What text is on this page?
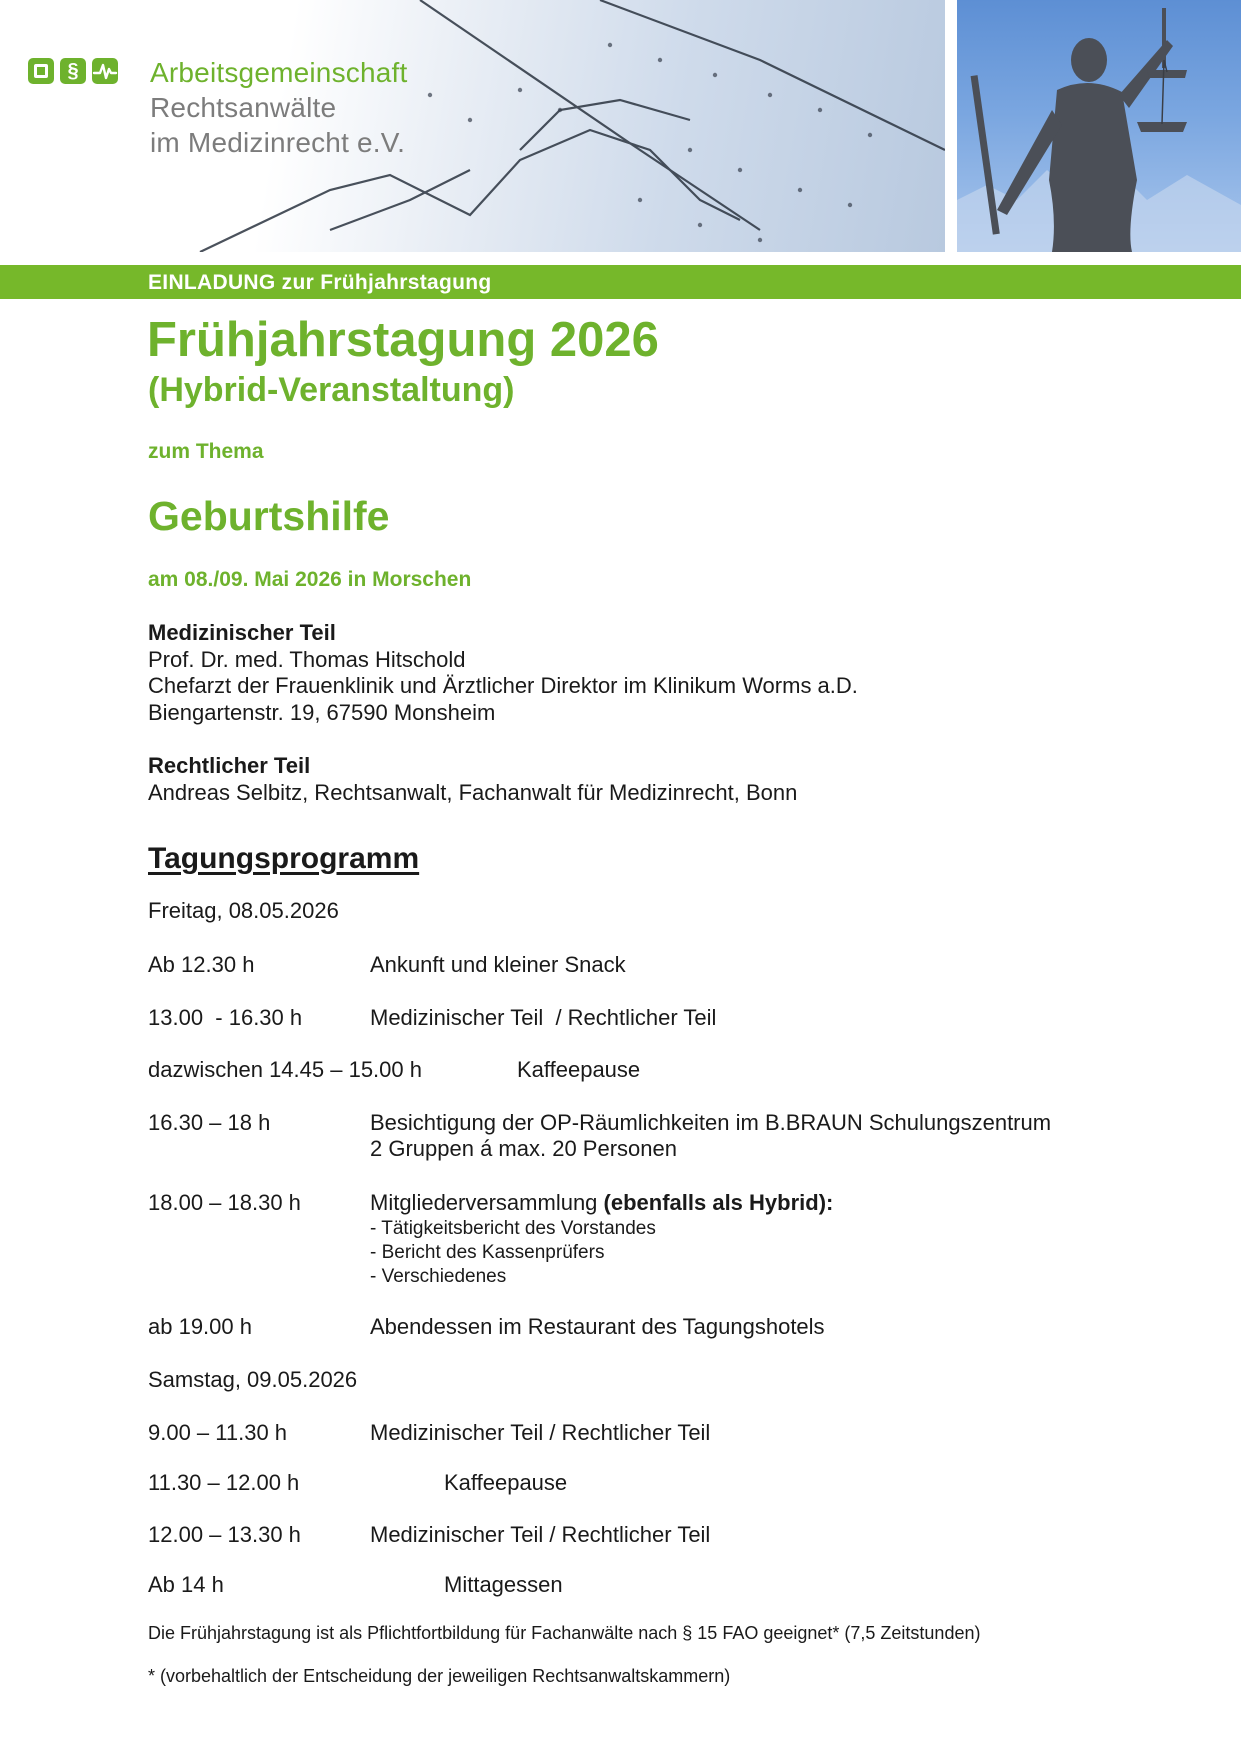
§	Arbeitsgemeinschaft
Rechtsanwälte
im Medizinrecht e.V.
EINLADUNG zur Frühjahrstagung
Frühjahrstagung 2026
(Hybrid-Veranstaltung)
zum Thema
Geburtshilfe
am 08./09. Mai 2026 in Morschen
Medizinischer Teil
Prof. Dr. med. Thomas Hitschold
Chefarzt der Frauenklinik und Ärztlicher Direktor im Klinikum Worms a.D.
Biengartenstr. 19, 67590 Monsheim
Rechtlicher Teil
Andreas Selbitz, Rechtsanwalt, Fachanwalt für Medizinrecht, Bonn
Tagungsprogramm
Freitag, 08.05.2026
Ab 12.30 h	Ankunft und kleiner Snack
13.00  - 16.30 h	Medizinischer Teil  / Rechtlicher Teil
dazwischen 14.45 – 15.00 h	Kaffeepause
16.30 – 18 h	Besichtigung der OP-Räumlichkeiten im B.BRAUN Schulungszentrum
2 Gruppen á max. 20 Personen
18.00 – 18.30 h	Mitgliederversammlung (ebenfalls als Hybrid):
- Tätigkeitsbericht des Vorstandes
- Bericht des Kassenprüfers
- Verschiedenes
ab 19.00 h	Abendessen im Restaurant des Tagungshotels
Samstag, 09.05.2026
9.00 – 11.30 h	Medizinischer Teil / Rechtlicher Teil
11.30 – 12.00 h	Kaffeepause
12.00 – 13.30 h	Medizinischer Teil / Rechtlicher Teil
Ab 14 h	Mittagessen
Die Frühjahrstagung ist als Pflichtfortbildung für Fachanwälte nach § 15 FAO geeignet* (7,5 Zeitstunden)
* (vorbehaltlich der Entscheidung der jeweiligen Rechtsanwaltskammern)
